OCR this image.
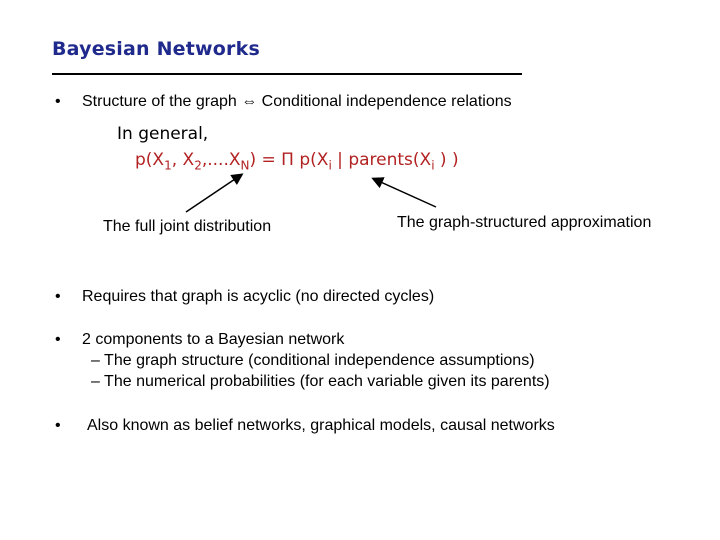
Bayesian Networks
• Structure of the graph ⇔ Conditional independence relations
In general,
$p(X_1$, $X_2,....X_N) = \Pi$ $p(X_i$ | $parents(X_i$ ) )
The full joint distribution	The graph-structured approximation
• Requires that graph is acyclic (no directed cycles)
• 2 components to a Bayesian network
– The graph structure (conditional independence assumptions)
– The numerical probabilities (for each variable given its parents)
• Also known as belief networks, graphical models, causal networks
